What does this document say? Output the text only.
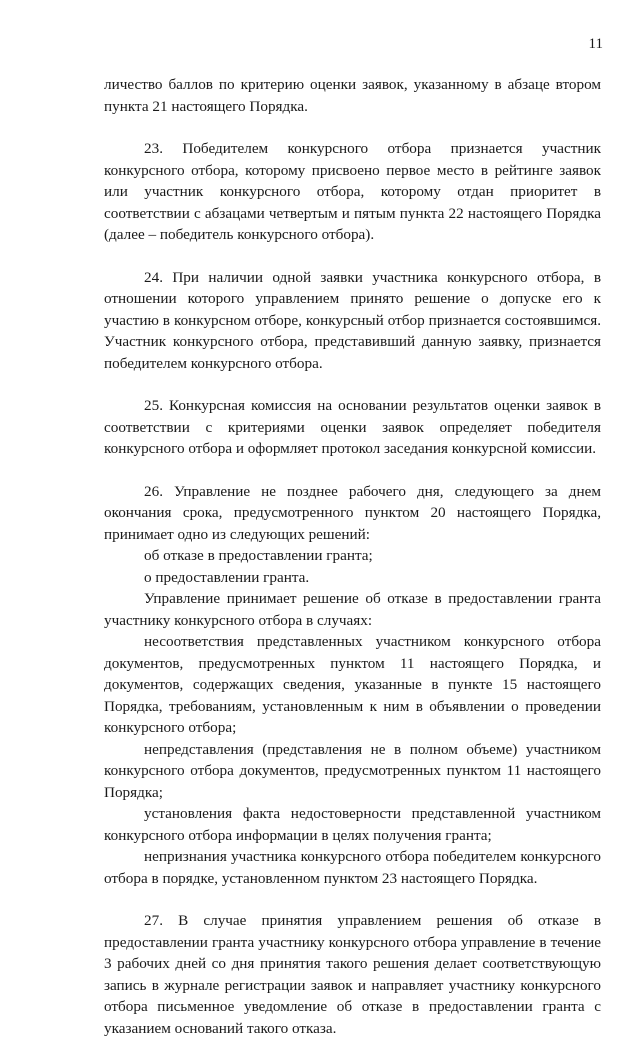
11

личество баллов по критерию оценки заявок, указанному в абзаце втором пункта 21 настоящего Порядка.

23. Победителем конкурсного отбора признается участник конкурсного отбора, которому присвоено первое место в рейтинге заявок или участник конкурсного отбора, которому отдан приоритет в соответствии с абзацами четвертым и пятым пункта 22 настоящего Порядка (далее – победитель конкурсного отбора).

24. При наличии одной заявки участника конкурсного отбора, в отношении которого управлением принято решение о допуске его к участию в конкурсном отборе, конкурсный отбор признается состоявшимся. Участник конкурсного отбора, представивший данную заявку, признается победителем конкурсного отбора.

25. Конкурсная комиссия на основании результатов оценки заявок в соответствии с критериями оценки заявок определяет победителя конкурсного отбора и оформляет протокол заседания конкурсной комиссии.

26. Управление не позднее рабочего дня, следующего за днем окончания срока, предусмотренного пунктом 20 настоящего Порядка, принимает одно из следующих решений:

об отказе в предоставлении гранта;

о предоставлении гранта.

Управление принимает решение об отказе в предоставлении гранта участнику конкурсного отбора в случаях:

несоответствия представленных участником конкурсного отбора документов, предусмотренных пунктом 11 настоящего Порядка, и документов, содержащих сведения, указанные в пункте 15 настоящего Порядка, требованиям, установленным к ним в объявлении о проведении конкурсного отбора;

непредставления (представления не в полном объеме) участником конкурсного отбора документов, предусмотренных пунктом 11 настоящего Порядка;

установления факта недостоверности представленной участником конкурсного отбора информации в целях получения гранта;

непризнания участника конкурсного отбора победителем конкурсного отбора в порядке, установленном пунктом 23 настоящего Порядка.

27. В случае принятия управлением решения об отказе в предоставлении гранта участнику конкурсного отбора управление в течение 3 рабочих дней со дня принятия такого решения делает соответствующую запись в журнале регистрации заявок и направляет участнику конкурсного отбора письменное уведомление об отказе в предоставлении гранта с указанием оснований такого отказа.
